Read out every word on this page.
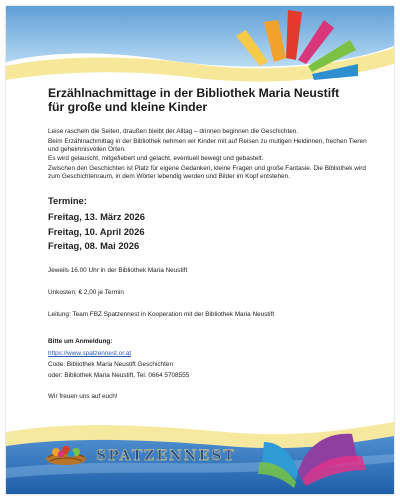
Erzählnachmittage in der Bibliothek Maria Neustift
für große und kleine Kinder

Leise rascheln die Seiten, draußen bleibt der Alltag – drinnen beginnen die Geschichten.

Beim Erzählnachmittag in der Bibliothek nehmen wir Kinder mit auf Reisen zu mutigen Heldinnen, frechen Tieren und geheimnisvollen Orten.

Es wird gelauscht, mitgefiebert und gelacht, eventuell bewegt und gebastelt.

Zwischen den Geschichten ist Platz für eigene Gedanken, kleine Fragen und große Fantasie. Die Bibliothek wird zum Geschichtenraum, in dem Wörter lebendig werden und Bilder im Kopf entstehen.

Termine:
Freitag, 13. März 2026
Freitag, 10. April 2026
Freitag, 08. Mai 2026
Jeweils 16.00 Uhr in der Bibliothek Maria Neustift
Unkosten: € 2,00 je Termin
Leitung: Team FBZ Spatzennest in Kooperation mit der Bibliothek Maria Neustift
Bitte um Anmeldung:
https://www.spatzennest.or.at
Code: Bibliothek Maria Neustift Geschichten
oder: Bibliothek Maria Neustift, Tel. 0664 5708555
Wir freuen uns auf euch!
SPATZENNEST
